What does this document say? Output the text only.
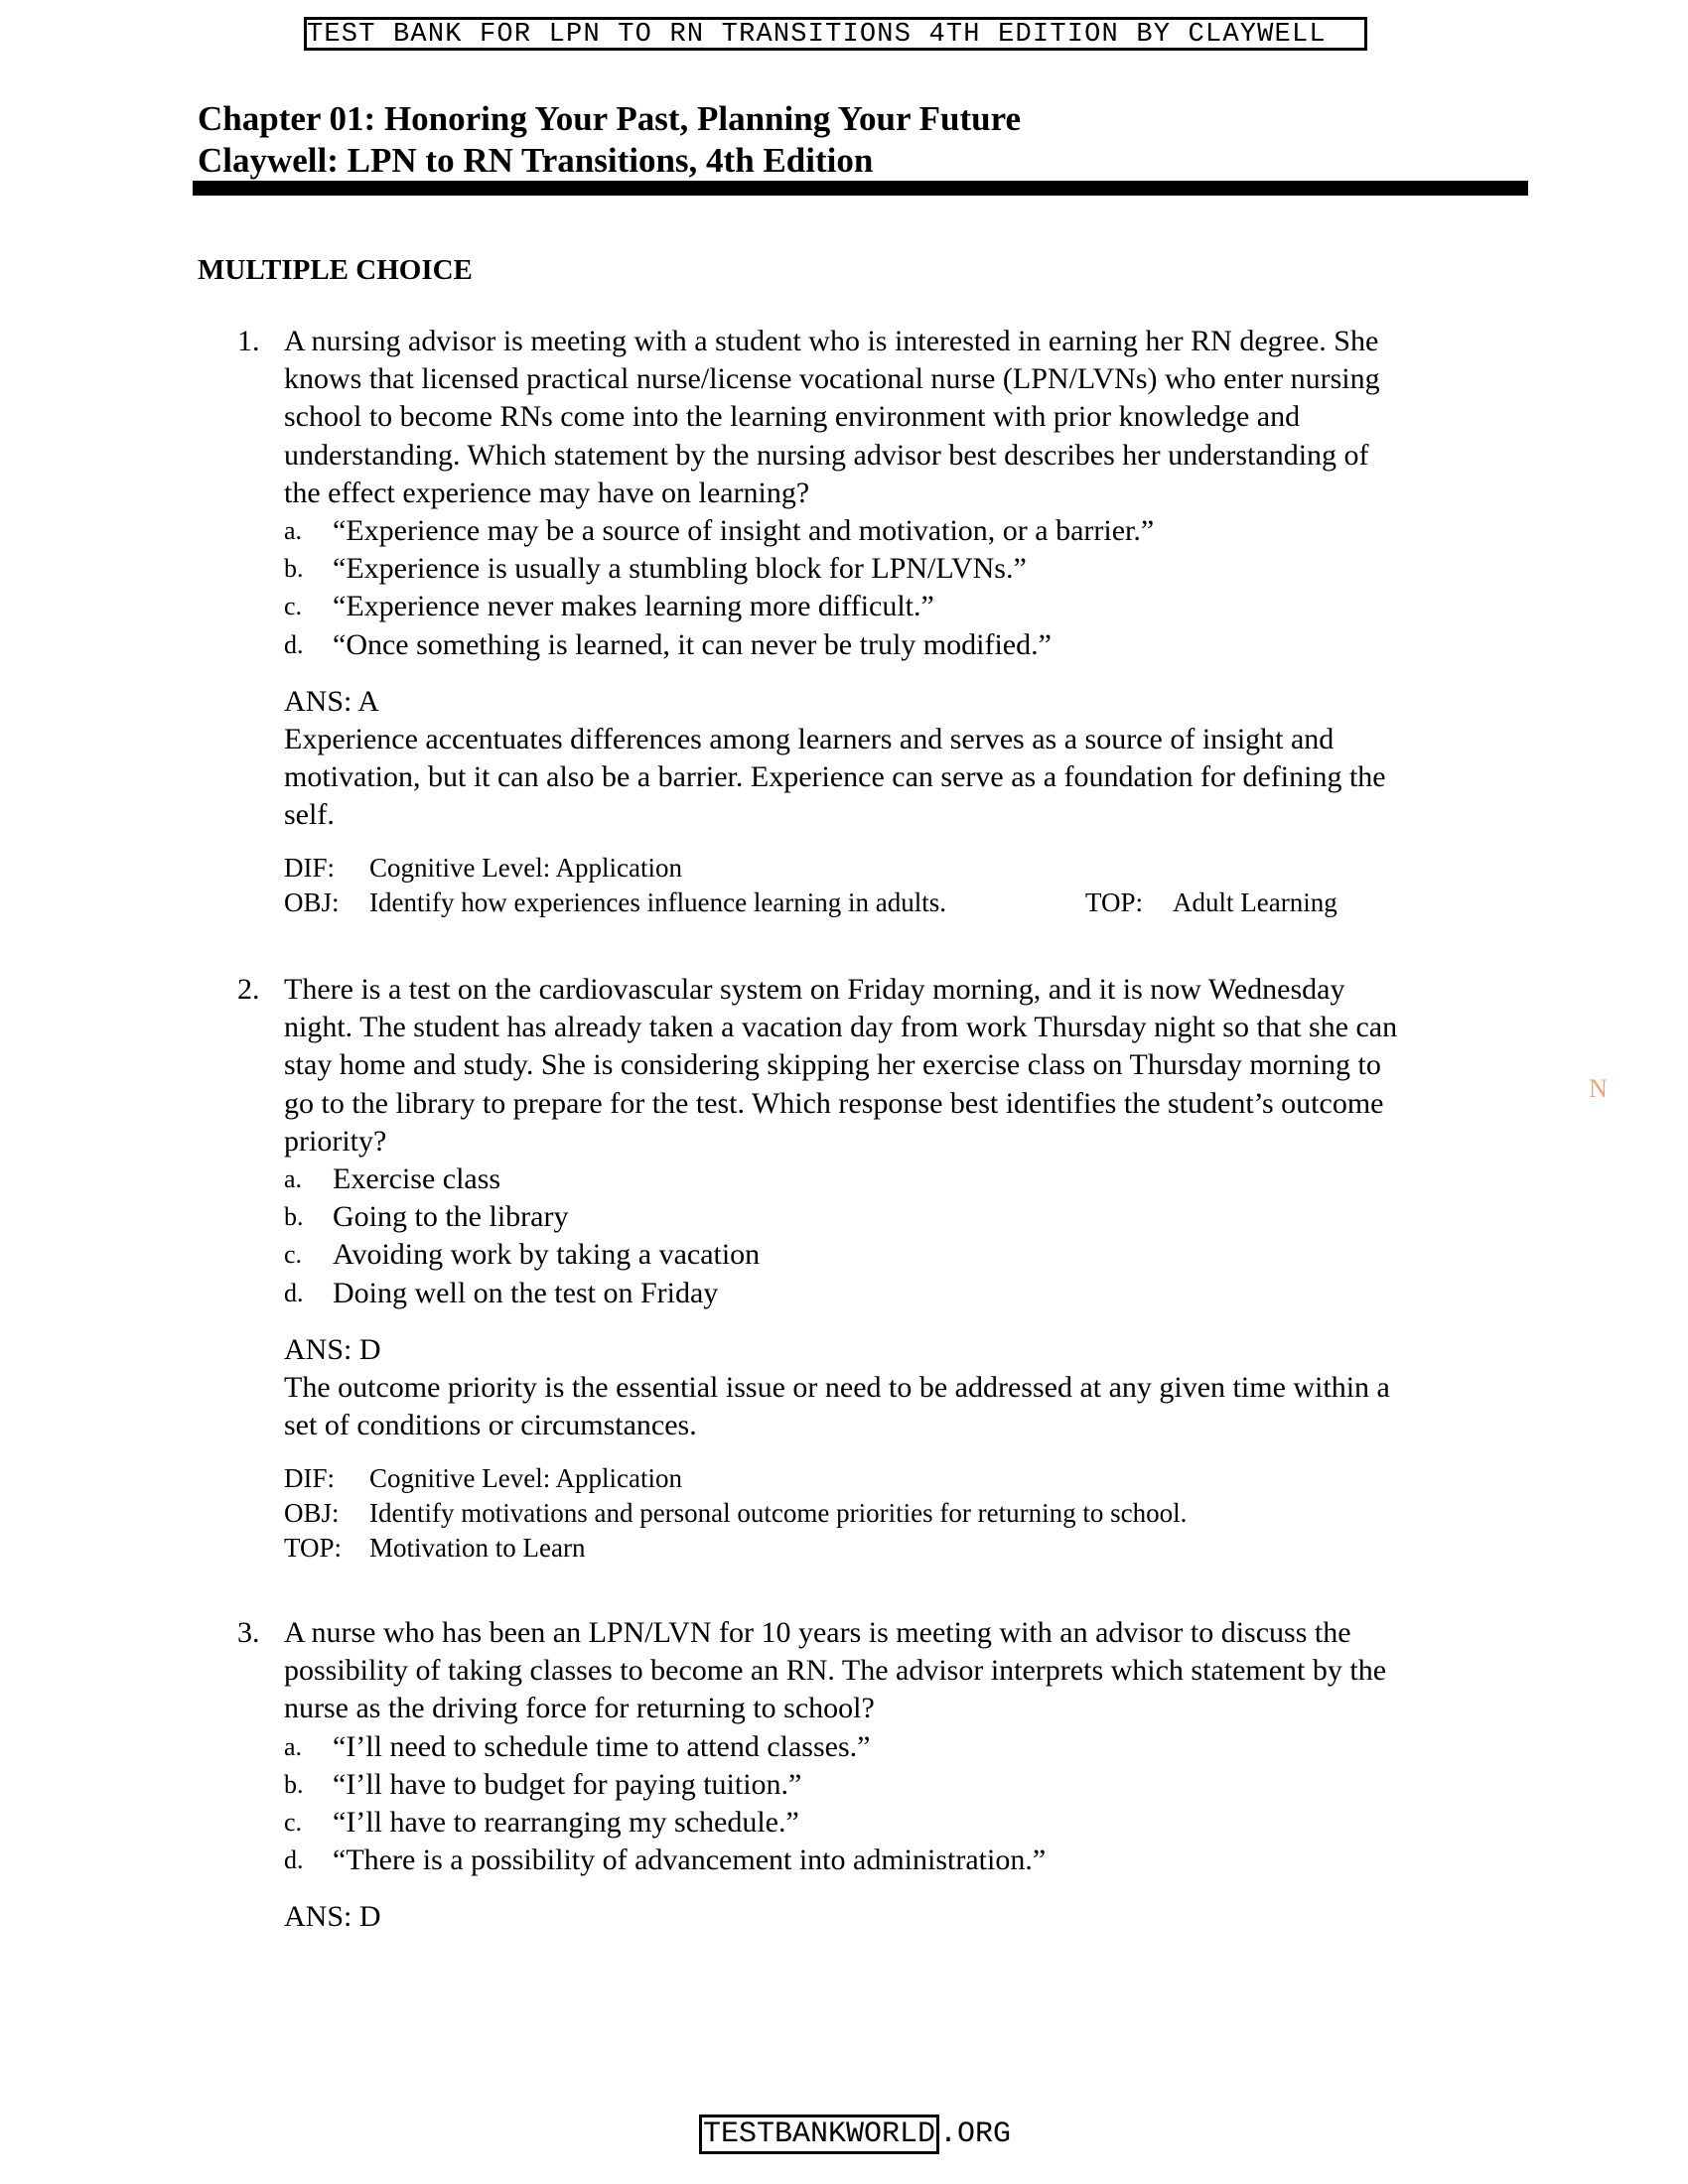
TEST BANK FOR LPN TO RN TRANSITIONS 4TH EDITION BY CLAYWELL
Chapter 01: Honoring Your Past, Planning Your Future
Claywell: LPN to RN Transitions, 4th Edition
MULTIPLE CHOICE
N
1. A nursing advisor is meeting with a student who is interested in earning her RN degree. She
knows that licensed practical nurse/license vocational nurse (LPN/LVNs) who enter nursing
school to become RNs come into the learning environment with prior knowledge and
understanding. Which statement by the nursing advisor best describes her understanding of
the effect experience may have on learning?
a. “Experience may be a source of insight and motivation, or a barrier.”
b. “Experience is usually a stumbling block for LPN/LVNs.”
c. “Experience never makes learning more difficult.”
d. “Once something is learned, it can never be truly modified.”
ANS: A
Experience accentuates differences among learners and serves as a source of insight and
motivation, but it can also be a barrier. Experience can serve as a foundation for defining the
self.
DIF: Cognitive Level: Application
OBJ: Identify how experiences influence learning in adults.	TOP: Adult Learning
2. There is a test on the cardiovascular system on Friday morning, and it is now Wednesday
night. The student has already taken a vacation day from work Thursday night so that she can
stay home and study. She is considering skipping her exercise class on Thursday morning to
go to the library to prepare for the test. Which response best identifies the student’s outcome
priority?
a. Exercise class
b. Going to the library
c. Avoiding work by taking a vacation
d. Doing well on the test on Friday
ANS: D
The outcome priority is the essential issue or need to be addressed at any given time within a
set of conditions or circumstances.
DIF: Cognitive Level: Application
OBJ: Identify motivations and personal outcome priorities for returning to school.
TOP: Motivation to Learn
3. A nurse who has been an LPN/LVN for 10 years is meeting with an advisor to discuss the
possibility of taking classes to become an RN. The advisor interprets which statement by the
nurse as the driving force for returning to school?
a. “I’ll need to schedule time to attend classes.”
b. “I’ll have to budget for paying tuition.”
c. “I’ll have to rearranging my schedule.”
d. “There is a possibility of advancement into administration.”
ANS: D
TESTBANKWORLD .ORG
